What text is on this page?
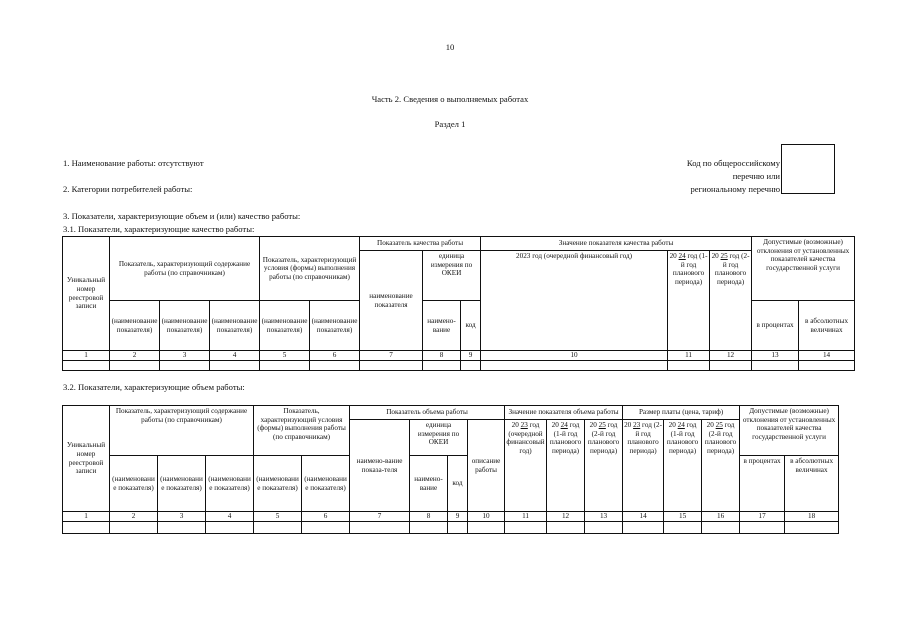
10
Часть 2. Сведения о выполняемых работах
Раздел 1
1. Наименование работы: отсутствуют
2. Категории потребителей работы:
Код по общероссийскому
перечню или
региональному перечню
3. Показатели, характеризующие объем и (или) качество работы:
3.1. Показатели, характеризующие качество работы:
Уникальный номер реестровой записи	Показатель, характеризующий содержание работы (по справочникам)			Показатель, характеризующий условия (формы) выполнения работы (по справочникам)		Показатель качества работы			Значение показателя качества работы			Допустимые (возможные) отклонения от установленных показателей качества государственной услуги	
						наименование показателя	единица измерения по ОКЕИ		2023 год (очередной финансовый год)	20 24 год (1-й год планового периода)	20 25 год (2-й год планового периода)		
	(наименование показателя)	(наименование показателя)	(наименование показателя)	(наименование показателя)	(наименование показателя)		наимено-вание	код				в процентах	в абсолютных величинах
1	2	3	4	5	6	7	8	9	10	11	12	13	14

3.2. Показатели, характеризующие объем работы:
Уникальный номер реестровой записи	Показатель, характеризующий содержание работы (по справочникам)			Показатель, характеризующий условия (формы) выполнения работы (по справочникам)		Показатель объема работы				Значение показателя объема работы			Размер платы (цена, тариф)			Допустимые (возможные) отклонения от установленных показателей качества государственной услуги	
						наимено-вание показа-теля	единица измерения по ОКЕИ		описание работы	20 23 год (очередной финансовый год)	20 24 год (1-й год планового периода)	20 25 год (2-й год планового периода)	20 23 год (2-й год планового периода)	20 24 год (1-й год планового периода)	20 25 год (2-й год планового периода)		
	(наименование показателя)	(наименование показателя)	(наименование показателя)	(наименование показателя)	(наименование показателя)		наимено-вание	код								в процентах	в абсолютных величинах
1	2	3	4	5	6	7	8	9	10	11	12	13	14	15	16	17	18
